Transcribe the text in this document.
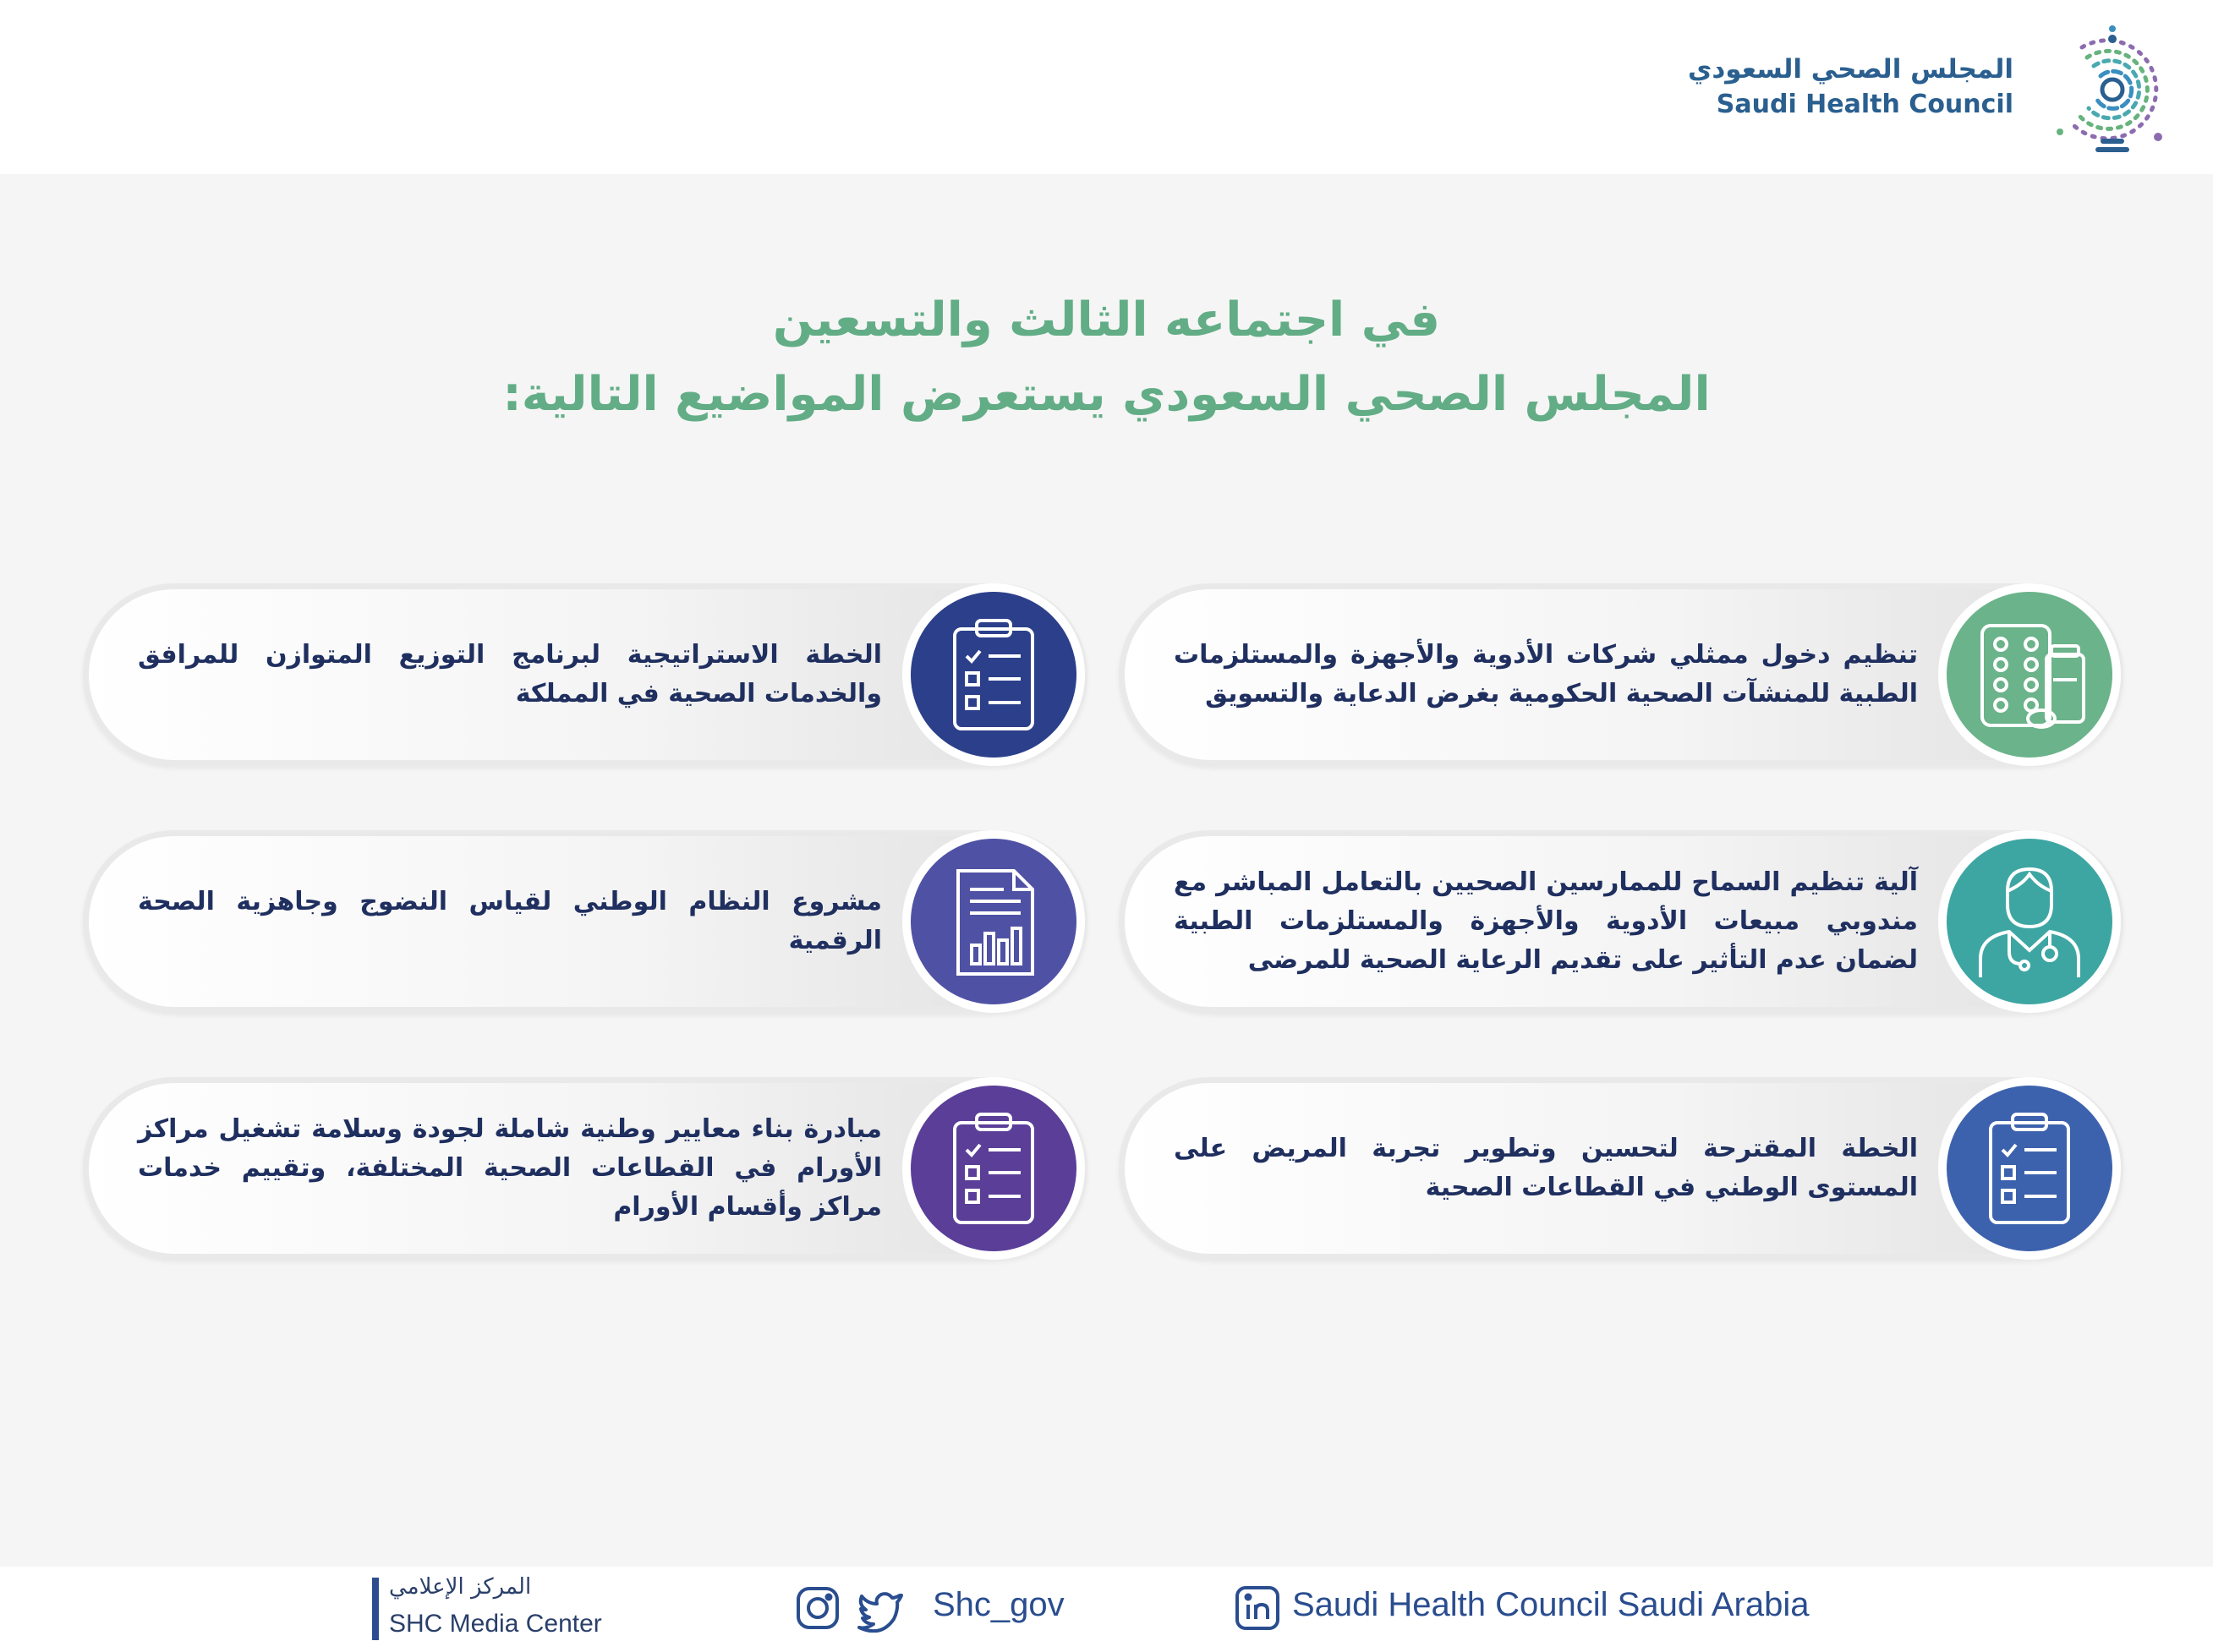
المجلس الصحي السعودي
Saudi Health Council
في اجتماعه الثالث والتسعين
المجلس الصحي السعودي يستعرض المواضيع التالية:
تنظيم دخول ممثلي شركات الأدوية والأجهزة والمستلزمات الطبية للمنشآت الصحية الحكومية بغرض الدعاية والتسويق
الخطة الاستراتيجية لبرنامج التوزيع المتوازن للمرافق والخدمات الصحية في المملكة
آلية تنظيم السماح للممارسين الصحيين بالتعامل المباشر مع مندوبي مبيعات الأدوية والأجهزة والمستلزمات الطبية لضمان عدم التأثير على تقديم الرعاية الصحية للمرضى
مشروع النظام الوطني لقياس النضوج وجاهزية الصحة الرقمية
الخطة المقترحة لتحسين وتطوير تجربة المريض على المستوى الوطني في القطاعات الصحية
مبادرة بناء معايير وطنية شاملة لجودة وسلامة تشغيل مراكز الأورام في القطاعات الصحية المختلفة، وتقييم خدمات مراكز وأقسام الأورام
المركز الإعلامي
SHC Media Center
Shc_gov	Saudi Health Council Saudi Arabia
